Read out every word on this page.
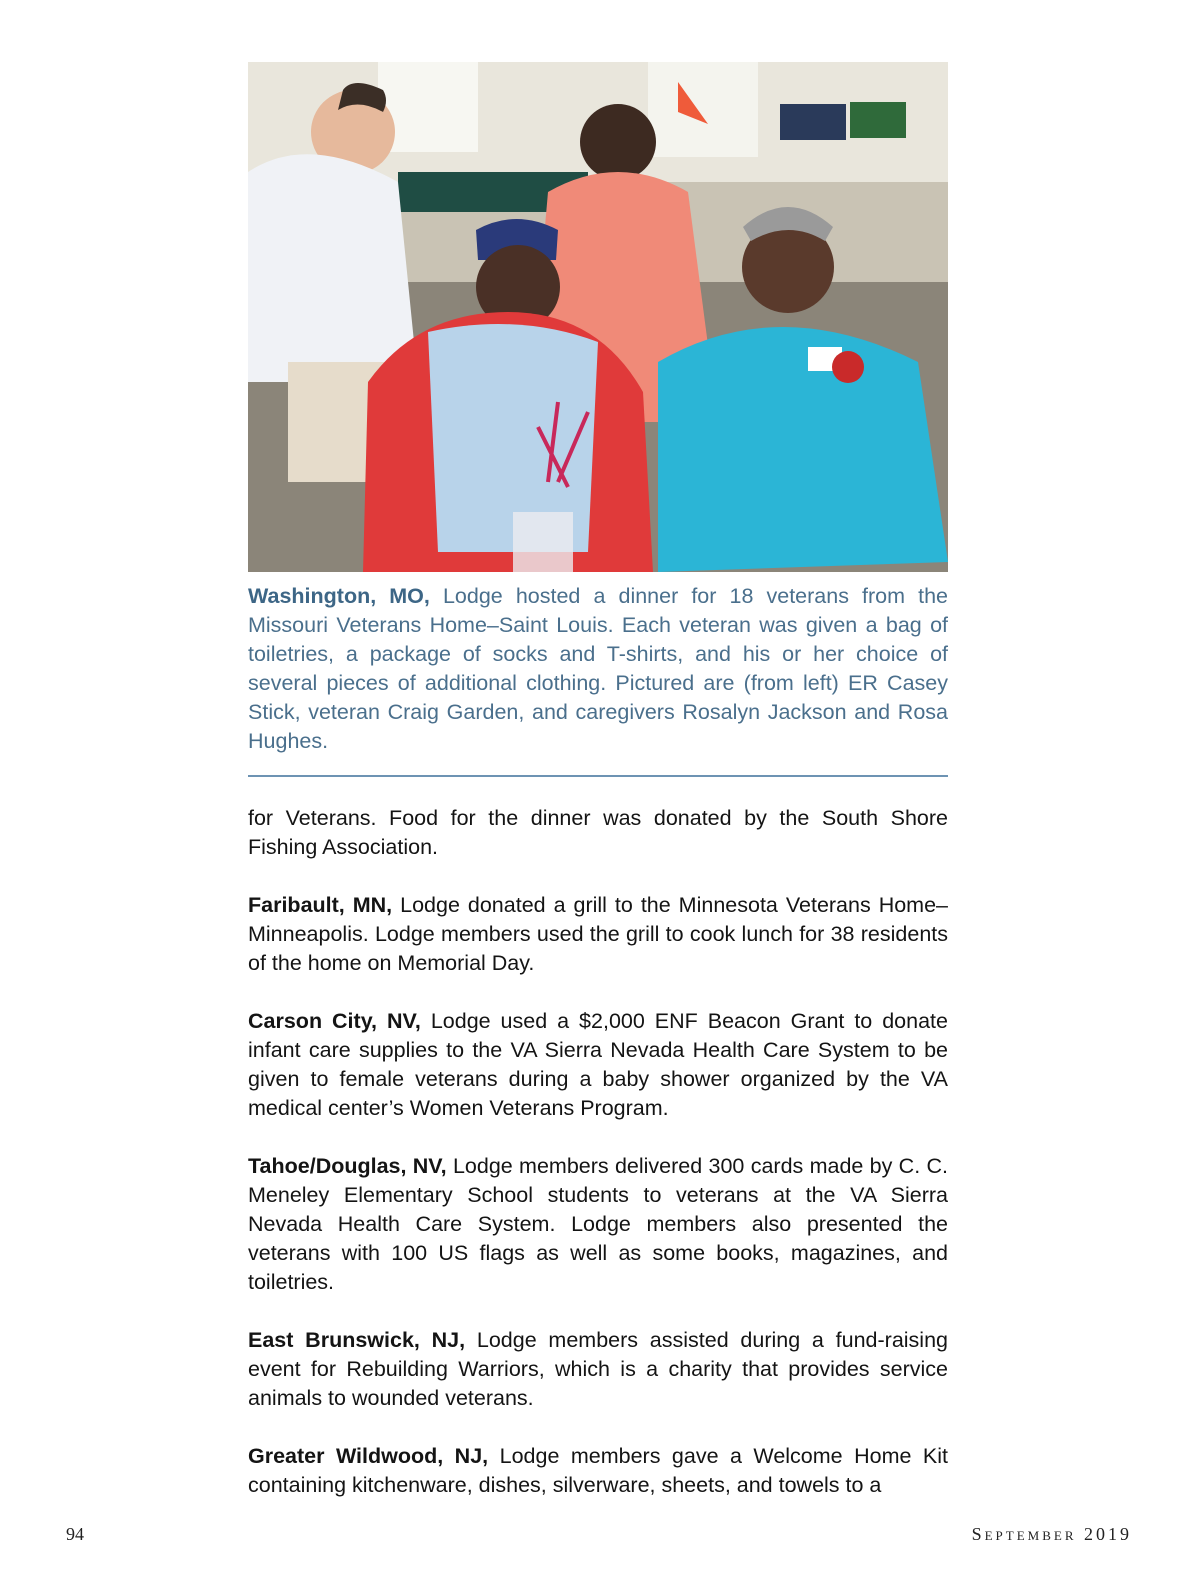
Washington, MO, Lodge hosted a dinner for 18 veterans from the Missouri Veterans Home–Saint Louis. Each veteran was given a bag of toiletries, a package of socks and T-shirts, and his or her choice of several pieces of additional clothing. Pictured are (from left) ER Casey Stick, veteran Craig Garden, and caregivers Rosalyn Jackson and Rosa Hughes.

for Veterans. Food for the dinner was donated by the South Shore Fishing Association.

Faribault, MN, Lodge donated a grill to the Minnesota Veterans Home–Minneapolis. Lodge members used the grill to cook lunch for 38 residents of the home on Memorial Day.

Carson City, NV, Lodge used a $2,000 ENF Beacon Grant to donate infant care supplies to the VA Sierra Nevada Health Care System to be given to female veterans during a baby shower organized by the VA medical center’s Women Veterans Program.

Tahoe/Douglas, NV, Lodge members delivered 300 cards made by C. C. Meneley Elementary School students to veterans at the VA Sierra Nevada Health Care System. Lodge members also presented the veterans with 100 US flags as well as some books, magazines, and toiletries.

East Brunswick, NJ, Lodge members assisted during a fund-raising event for Rebuilding Warriors, which is a charity that provides service animals to wounded veterans.

Greater Wildwood, NJ, Lodge members gave a Welcome Home Kit containing kitchenware, dishes, silverware, sheets, and towels to a

94	September 2019
